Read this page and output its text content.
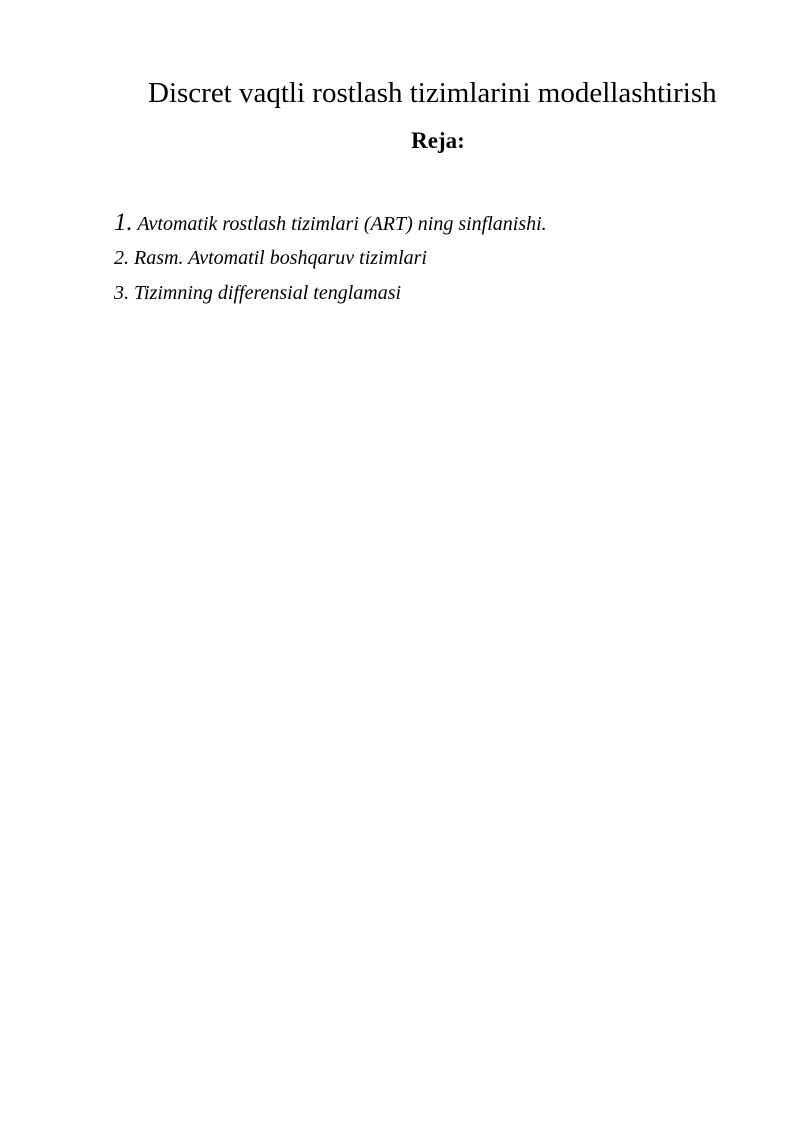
Discret vaqtli rostlash tizimlarini modellashtirish
Reja:
1. Avtomatik rostlash tizimlari (ART) ning sinflanishi.
2. Rasm. Avtomatil boshqaruv tizimlari
3. Tizimning differensial tenglamasi
